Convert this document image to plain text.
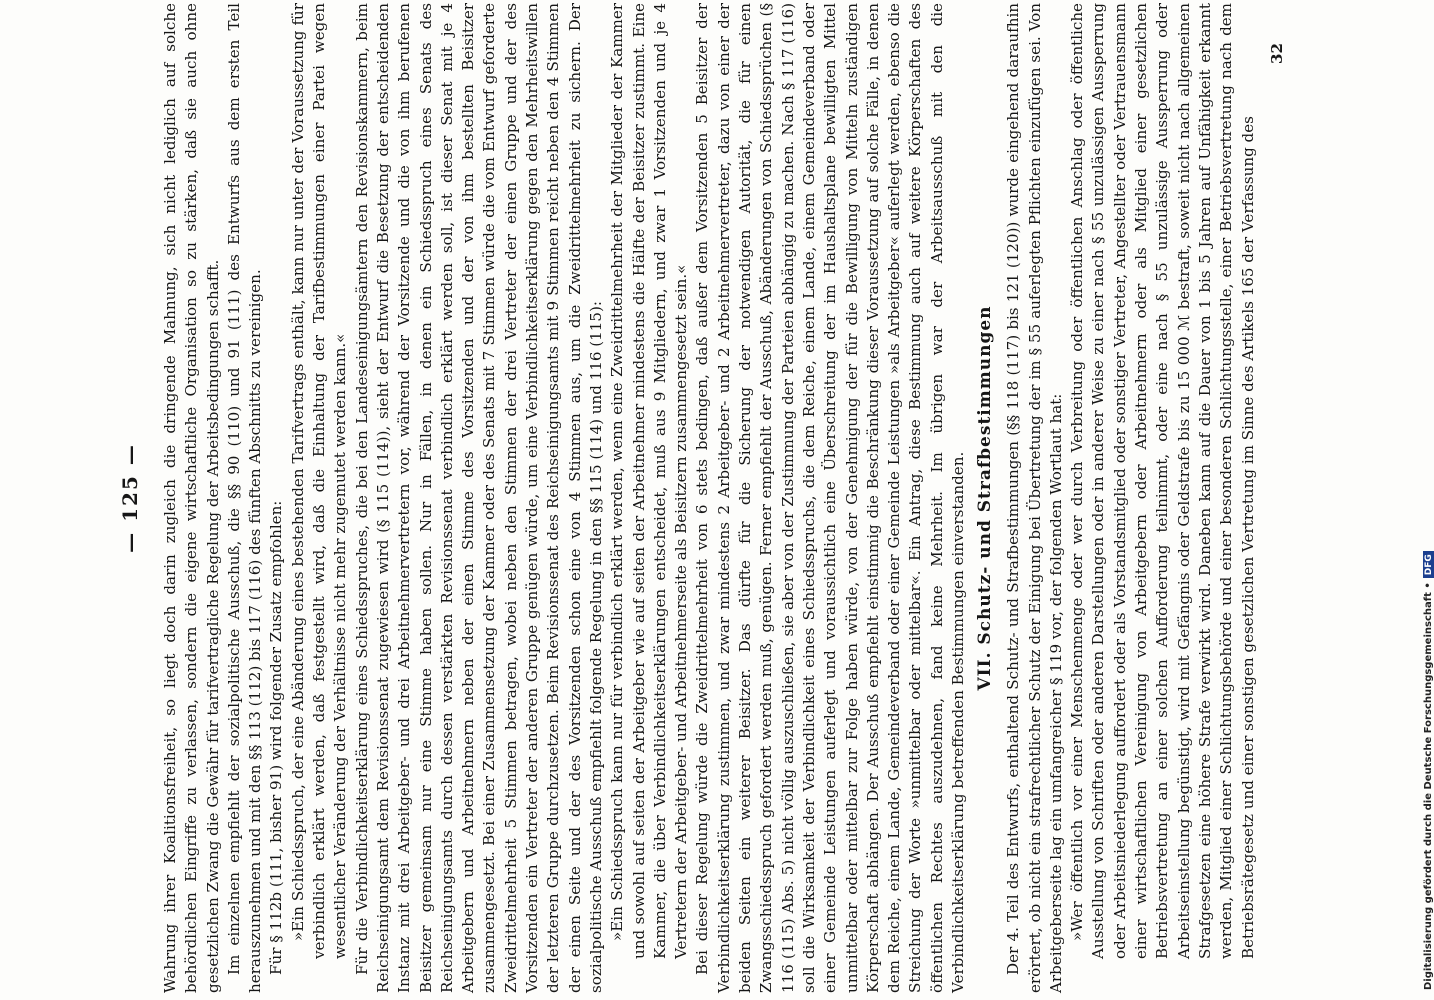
— 125 —	Wahrung ihrer Koalitionsfreiheit, so liegt doch darin zugleich die dringende Mahnung, sich nicht lediglich auf solche behördlichen Eingriffe zu verlassen, sondern die eigene wirtschaftliche Organisation so zu stärken, daß sie auch ohne gesetzlichen Zwang die Gewähr für tarifvertragliche Regelung der Arbeitsbedingungen schafft. Im einzelnen empfiehlt der sozialpolitische Ausschuß, die §§ 90 (110) und 91 (111) des Entwurfs aus dem ersten Teil herauszunehmen und mit den §§ 113 (112) bis 117 (116) des fünften Abschnitts zu vereinigen. Für § 112b (111, bisher 91) wird folgender Zusatz empfohlen: »Ein Schiedsspruch, der eine Abänderung eines bestehenden Tarifvertrags enthält, kann nur unter der Voraussetzung für verbindlich erklärt werden, daß festgestellt wird, daß die Einhaltung der Tarifbestimmungen einer Partei wegen wesentlicher Veränderung der Verhältnisse nicht mehr zugemutet werden kann.« Für die Verbindlichkeitserklärung eines Schiedsspruches, die bei den Landeseinigungsämtern den Revisionskammern, beim Reichseinigungsamt dem Revisionssenat zugewiesen wird (§ 115 (114)), sieht der Entwurf die Besetzung der entscheidenden Instanz mit drei Arbeitgeber- und drei Arbeitnehmervertretern vor, während der Vorsitzende und die von ihm berufenen Beisitzer gemeinsam nur eine Stimme haben sollen. Nur in Fällen, in denen ein Schiedsspruch eines Senats des Reichseinigungsamts durch dessen verstärkten Revisionssenat verbindlich erklärt werden soll, ist dieser Senat mit je 4 Arbeitgebern und Arbeitnehmern neben der einen Stimme des Vorsitzenden und der von ihm bestellten Beisitzer zusammengesetzt. Bei einer Zusammensetzung der Kammer oder des Senats mit 7 Stimmen würde die vom Entwurf geforderte Zweidrittelmehrheit 5 Stimmen betragen, wobei neben den Stimmen der drei Vertreter der einen Gruppe und der des Vorsitzenden ein Vertreter der anderen Gruppe genügen würde, um eine Verbindlichkeitserklärung gegen den Mehrheitswillen der letzteren Gruppe durchzusetzen. Beim Revisionssenat des Reichseinigungsamts mit 9 Stimmen reicht neben den 4 Stimmen der einen Seite und der des Vorsitzenden schon eine von 4 Stimmen aus, um die Zweidrittelmehrheit zu sichern. Der sozialpolitische Ausschuß empfiehlt folgende Regelung in den §§ 115 (114) und 116 (115): »Ein Schiedsspruch kann nur für verbindlich erklärt werden, wenn eine Zweidrittelmehrheit der Mitglieder der Kammer und sowohl auf seiten der Arbeitgeber wie auf seiten der Arbeitnehmer mindestens die Hälfte der Beisitzer zustimmt. Eine Kammer, die über Verbindlichkeitserklärungen entscheidet, muß aus 9 Mitgliedern, und zwar 1 Vorsitzenden und je 4 Vertretern der Arbeitgeber- und Arbeitnehmerseite als Beisitzern zusammengesetzt sein.« Bei dieser Regelung würde die Zweidrittelmehrheit von 6 stets bedingen, daß außer dem Vorsitzenden 5 Beisitzer der Verbindlichkeitserklärung zustimmen, und zwar mindestens 2 Arbeitgeber- und 2 Arbeitnehmervertreter, dazu von einer der beiden Seiten ein weiterer Beisitzer. Das dürfte für die Sicherung der notwendigen Autorität, die für einen Zwangsschiedsspruch gefordert werden muß, genügen. Ferner empfiehlt der Ausschuß, Abänderungen von Schiedssprüchen (§ 116 (115) Abs. 5) nicht völlig auszuschließen, sie aber von der Zustimmung der Parteien abhängig zu machen. Nach § 117 (116) soll die Wirksamkeit der Verbindlichkeit eines Schiedsspruchs, die dem Reiche, einem Lande, einem Gemeindeverband oder einer Gemeinde Leistungen auferlegt und voraussichtlich eine Überschreitung der im Haushaltsplane bewilligten Mittel unmittelbar oder mittelbar zur Folge haben würde, von der Genehmigung der für die Bewilligung von Mitteln zuständigen Körperschaft abhängen. Der Ausschuß empfiehlt einstimmig die Beschränkung dieser Voraussetzung auf solche Fälle, in denen dem Reiche, einem Lande, Gemeindeverband oder einer Gemeinde Leistungen »als Arbeitgeber« auferlegt werden, ebenso die Streichung der Worte »unmittelbar oder mittelbar«. Ein Antrag, diese Bestimmung auch auf weitere Körperschaften des öffentlichen Rechtes auszudehnen, fand keine Mehrheit. Im übrigen war der Arbeitsausschuß mit den die Verbindlichkeitserklärung betreffenden Bestimmungen einverstanden. VII. Schutz- und Strafbestimmungen Der 4. Teil des Entwurfs, enthaltend Schutz- und Strafbestimmungen (§§ 118 (117) bis 121 (120)) wurde eingehend daraufhin erörtert, ob nicht ein strafrechtlicher Schutz der Einigung bei Übertretung der im § 55 auferlegten Pflichten einzufügen sei. Von Arbeitgeberseite lag ein umfangreicher § 119 vor, der folgenden Wortlaut hat: »Wer öffentlich vor einer Menschenmenge oder wer durch Verbreitung oder öffentlichen Anschlag oder öffentliche Ausstellung von Schriften oder anderen Darstellungen oder in anderer Weise zu einer nach § 55 unzulässigen Aussperrung oder Arbeitsniederlegung auffordert oder als Vorstandsmitglied oder sonstiger Vertreter, Angestellter oder Vertrauensmann einer wirtschaftlichen Vereinigung von Arbeitgebern oder Arbeitnehmern oder als Mitglied einer gesetzlichen Betriebsvertretung an einer solchen Aufforderung teilnimmt, oder eine nach § 55 unzulässige Aussperrung oder Arbeitseinstellung begünstigt, wird mit Gefängnis oder Geldstrafe bis zu 15 000 ℳ bestraft, soweit nicht nach allgemeinen Strafgesetzen eine höhere Strafe verwirkt wird. Daneben kann auf die Dauer von 1 bis 5 Jahren auf Unfähigkeit erkannt werden, Mitglied einer Schlichtungsbehörde und einer besonderen Schlichtungsstelle, einer Betriebsvertretung nach dem Betriebsrätegesetz und einer sonstigen gesetzlichen Vertretung im Sinne des Artikels 165 der Verfassung des

32
Digitalisierung gefördert durch die Deutsche Forschungsgemeinschaft •DFG
